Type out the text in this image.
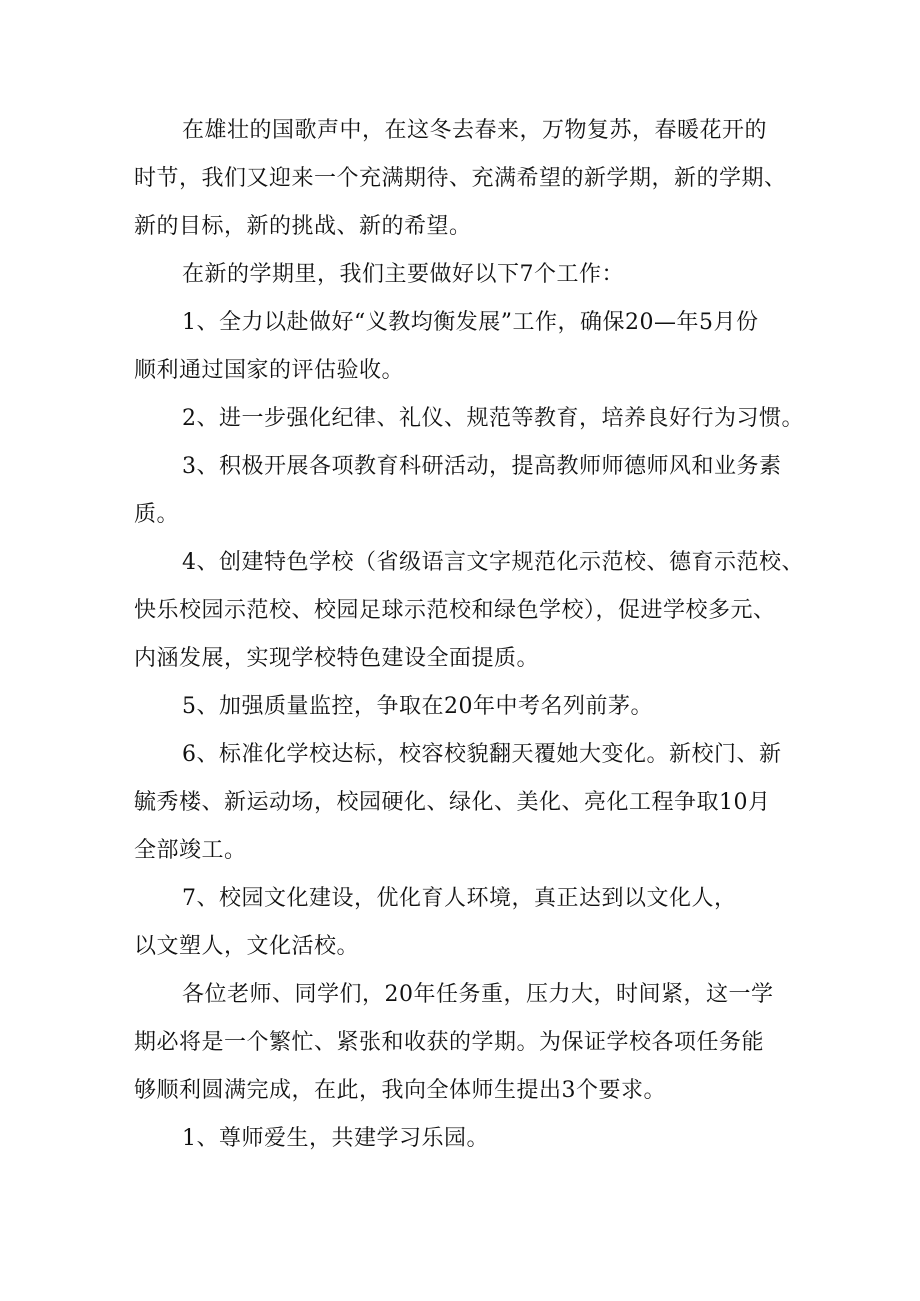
在雄壮的国歌声中，在这冬去春来，万物复苏，春暖花开的
时节，我们又迎来一个充满期待、充满希望的新学期，新的学期、
新的目标，新的挑战、新的希望。
在新的学期里，我们主要做好以下7个工作：
1、全力以赴做好“义教均衡发展”工作，确保20—年5月份
顺利通过国家的评估验收。
2、进一步强化纪律、礼仪、规范等教育，培养良好行为习惯。
3、积极开展各项教育科研活动，提高教师师德师风和业务素
质。
4、创建特色学校（省级语言文字规范化示范校、德育示范校、
快乐校园示范校、校园足球示范校和绿色学校），促进学校多元、
内涵发展，实现学校特色建设全面提质。
5、加强质量监控，争取在20年中考名列前茅。
6、标准化学校达标，校容校貌翻天覆她大变化。新校门、新
毓秀楼、新运动场，校园硬化、绿化、美化、亮化工程争取10月
全部竣工。
7、校园文化建设，优化育人环境，真正达到以文化人，
以文塑人，文化活校。
各位老师、同学们，20年任务重，压力大，时间紧，这一学
期必将是一个繁忙、紧张和收获的学期。为保证学校各项任务能
够顺利圆满完成，在此，我向全体师生提出3个要求。
1、尊师爱生，共建学习乐园。
